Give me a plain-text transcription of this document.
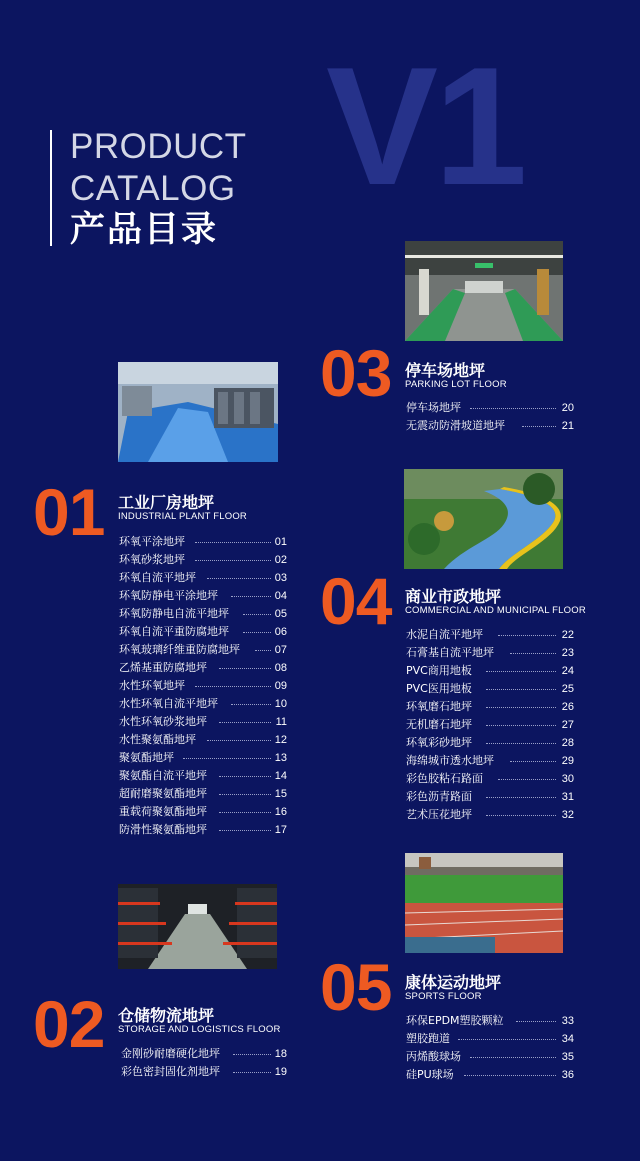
V1
PRODUCT
CATALOG
产品目录
03 停车场地坪
PARKING LOT FLOOR
停车场地坪	20
无震动防滑坡道地坪	21
01 工业厂房地坪
INDUSTRIAL PLANT FLOOR
环氧平涂地坪	01
环氧砂浆地坪	02
环氧自流平地坪	03
环氧防静电平涂地坪	04
环氧防静电自流平地坪	05
环氧自流平重防腐地坪	06
环氧玻璃纤维重防腐地坪	07
乙烯基重防腐地坪	08
水性环氧地坪	09
水性环氧自流平地坪	10
水性环氧砂浆地坪	11
水性聚氨酯地坪	12
聚氨酯地坪	13
聚氨酯自流平地坪	14
超耐磨聚氨酯地坪	15
重载荷聚氨酯地坪	16
防滑性聚氨酯地坪	17
04 商业市政地坪
COMMERCIAL AND MUNICIPAL FLOOR
水泥自流平地坪	22
石膏基自流平地坪	23
PVC商用地板	24
PVC医用地板	25
环氧磨石地坪	26
无机磨石地坪	27
环氧彩砂地坪	28
海绵城市透水地坪	29
彩色胶粘石路面	30
彩色沥青路面	31
艺术压花地坪	32
05 康体运动地坪
SPORTS FLOOR
环保EPDM塑胶颗粒	33
塑胶跑道	34
丙烯酸球场	35
硅PU球场	36
02 仓储物流地坪
STORAGE AND LOGISTICS FLOOR
金刚砂耐磨硬化地坪	18
彩色密封固化剂地坪	19
